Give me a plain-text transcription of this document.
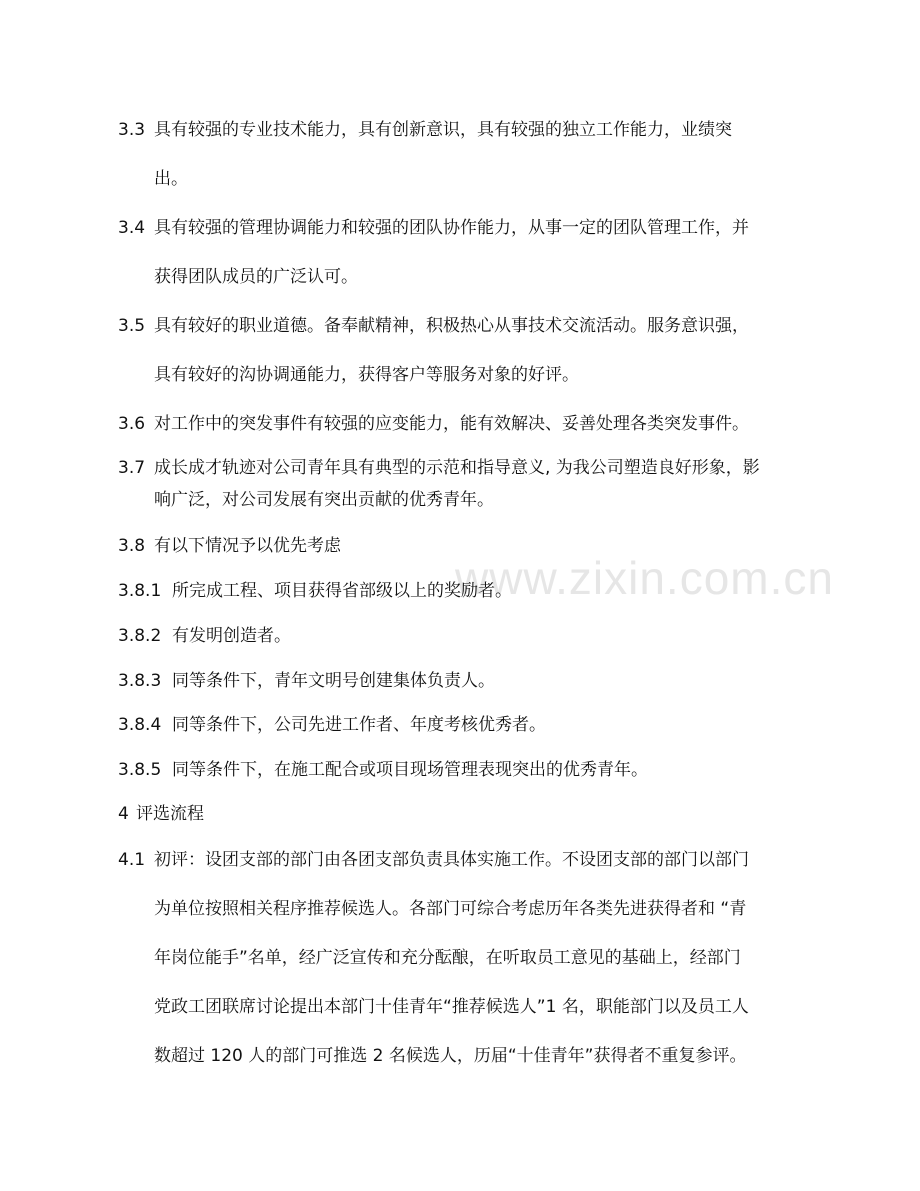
www.zixin.com.cn
3.3 具有较强的专业技术能力，具有创新意识，具有较强的独立工作能力，业绩突
出。
3.4 具有较强的管理协调能力和较强的团队协作能力，从事一定的团队管理工作，并
获得团队成员的广泛认可。
3.5 具有较好的职业道德。备奉献精神，积极热心从事技术交流活动。服务意识强，
具有较好的沟协调通能力，获得客户等服务对象的好评。
3.6 对工作中的突发事件有较强的应变能力，能有效解决、妥善处理各类突发事件。
3.7 成长成才轨迹对公司青年具有典型的示范和指导意义, 为我公司塑造良好形象，影
响广泛，对公司发展有突出贡献的优秀青年。
3.8 有以下情况予以优先考虑
3.8.1 所完成工程、项目获得省部级以上的奖励者。
3.8.2 有发明创造者。
3.8.3 同等条件下，青年文明号创建集体负责人。
3.8.4 同等条件下，公司先进工作者、年度考核优秀者。
3.8.5 同等条件下，在施工配合或项目现场管理表现突出的优秀青年。
4 评选流程
4.1 初评：设团支部的部门由各团支部负责具体实施工作。不设团支部的部门以部门
为单位按照相关程序推荐候选人。各部门可综合考虑历年各类先进获得者和 “青
年岗位能手”名单，经广泛宣传和充分酝酿，在听取员工意见的基础上，经部门
党政工团联席讨论提出本部门十佳青年“推荐候选人”1 名，职能部门以及员工人
数超过 120 人的部门可推选 2 名候选人，历届“十佳青年”获得者不重复参评。
